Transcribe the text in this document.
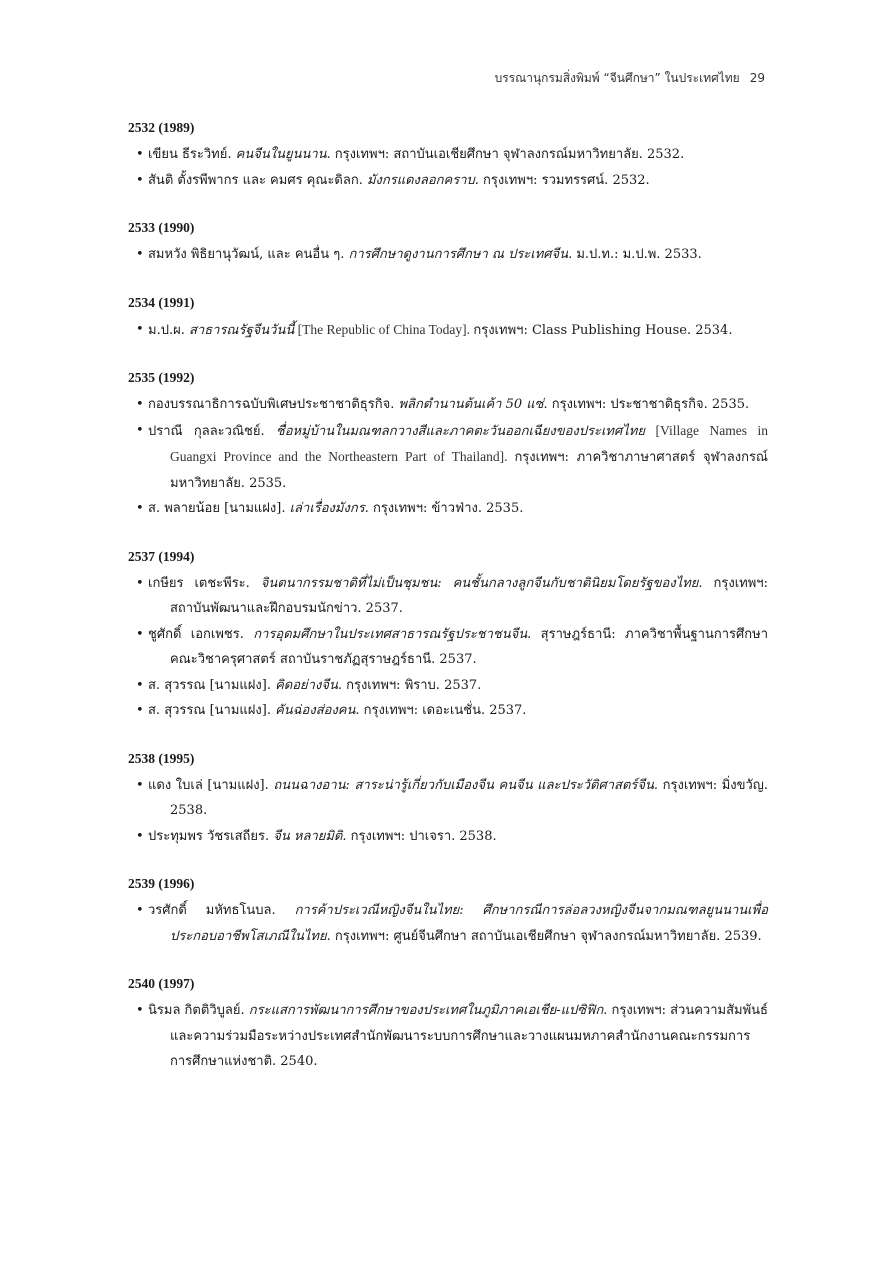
บรรณานุกรมสิ่งพิมพ์ “จีนศึกษา” ในประเทศไทย 29
2532 (1989)
• เขียน ธีระวิทย์. คนจีนในยูนนาน. กรุงเทพฯ: สถาบันเอเชียศึกษา จุฬาลงกรณ์มหาวิทยาลัย. 2532.
• สันติ ตั้งรพีพากร และ คมศร คุณะดิลก. มังกรแดงลอกคราบ. กรุงเทพฯ: รวมทรรศน์. 2532.
2533 (1990)
• สมหวัง พิธิยานุวัฒน์, และ คนอื่น ๆ. การศึกษาดูงานการศึกษา ณ ประเทศจีน. ม.ป.ท.: ม.ป.พ. 2533.
2534 (1991)
• ม.ป.ผ. สาธารณรัฐจีนวันนี้ [The Republic of China Today]. กรุงเทพฯ: Class Publishing House. 2534.
2535 (1992)
• กองบรรณาธิการฉบับพิเศษประชาชาติธุรกิจ. พลิกตำนานต้นเค้า 50 แซ่. กรุงเทพฯ: ประชาชาติธุรกิจ. 2535.
• ปราณี กุลละวณิชย์. ชื่อหมู่บ้านในมณฑลกวางสีและภาคตะวันออกเฉียงของประเทศไทย [Village Names in Guangxi Province and the Northeastern Part of Thailand]. กรุงเทพฯ: ภาควิชาภาษาศาสตร์ จุฬาลงกรณ์มหาวิทยาลัย. 2535.
• ส. พลายน้อย [นามแฝง]. เล่าเรื่องมังกร. กรุงเทพฯ: ข้าวฟ่าง. 2535.
2537 (1994)
• เกษียร เตชะพีระ. จินตนากรรมชาติที่ไม่เป็นชุมชน: คนชั้นกลางลูกจีนกับชาตินิยมโดยรัฐของไทย. กรุงเทพฯ: สถาบันพัฒนาและฝึกอบรมนักข่าว. 2537.
• ชูศักดิ์ เอกเพชร. การอุดมศึกษาในประเทศสาธารณรัฐประชาชนจีน. สุราษฎร์ธานี: ภาควิชาพื้นฐานการศึกษา คณะวิชาครุศาสตร์ สถาบันราชภัฏสุราษฎร์ธานี. 2537.
• ส. สุวรรณ [นามแฝง]. คิดอย่างจีน. กรุงเทพฯ: พิราบ. 2537.
• ส. สุวรรณ [นามแฝง]. คันฉ่องส่องคน. กรุงเทพฯ: เดอะเนชั่น. 2537.
2538 (1995)
• แดง ใบเล่ [นามแฝง]. ถนนฉางอาน: สาระน่ารู้เกี่ยวกับเมืองจีน คนจีน และประวัติศาสตร์จีน. กรุงเทพฯ: มิ่งขวัญ. 2538.
• ประทุมพร วัชรเสถียร. จีน หลายมิติ. กรุงเทพฯ: ปาเจรา. 2538.
2539 (1996)
• วรศักดิ์ มหัทธโนบล. การค้าประเวณีหญิงจีนในไทย: ศึกษากรณีการล่อลวงหญิงจีนจากมณฑลยูนนานเพื่อประกอบอาชีพโสเภณีในไทย. กรุงเทพฯ: ศูนย์จีนศึกษา สถาบันเอเชียศึกษา จุฬาลงกรณ์มหาวิทยาลัย. 2539.
2540 (1997)
• นิรมล กิตติวิบูลย์. กระแสการพัฒนาการศึกษาของประเทศในภูมิภาคเอเชีย-แปซิฟิก. กรุงเทพฯ: ส่วนความสัมพันธ์และความร่วมมือระหว่างประเทศสำนักพัฒนาระบบการศึกษาและวางแผนมหภาคสำนักงานคณะกรรมการการศึกษาแห่งชาติ. 2540.
